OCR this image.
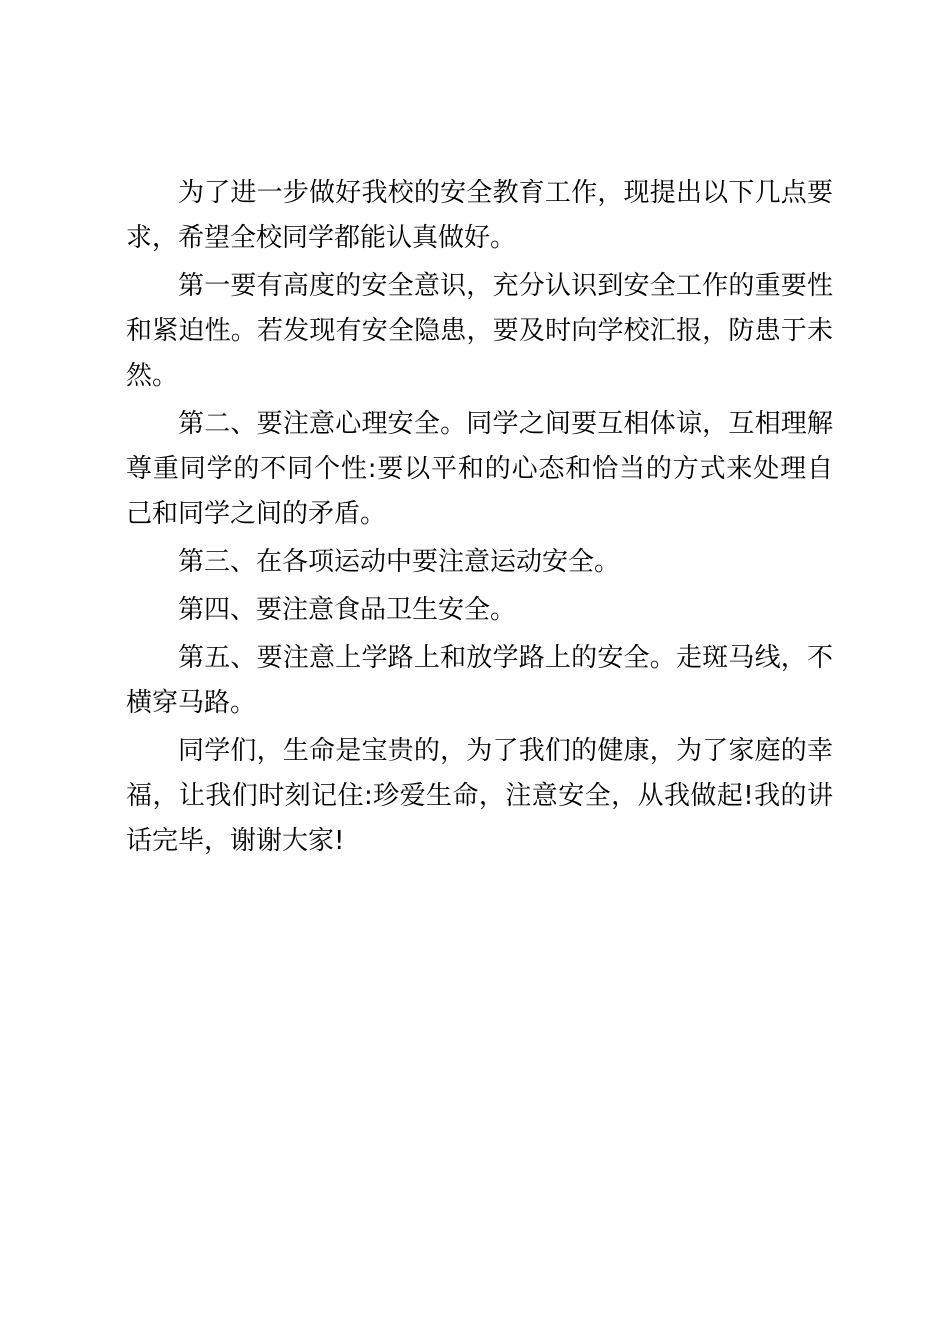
为了进一步做好我校的安全教育工作，现提出以下几点要求，希望全校同学都能认真做好。

第一要有高度的安全意识，充分认识到安全工作的重要性和紧迫性。若发现有安全隐患，要及时向学校汇报，防患于未然。

第二、要注意心理安全。同学之间要互相体谅，互相理解尊重同学的不同个性:要以平和的心态和恰当的方式来处理自己和同学之间的矛盾。

第三、在各项运动中要注意运动安全。

第四、要注意食品卫生安全。

第五、要注意上学路上和放学路上的安全。走斑马线，不横穿马路。

同学们，生命是宝贵的，为了我们的健康，为了家庭的幸福，让我们时刻记住:珍爱生命，注意安全，从我做起!我的讲话完毕，谢谢大家!
